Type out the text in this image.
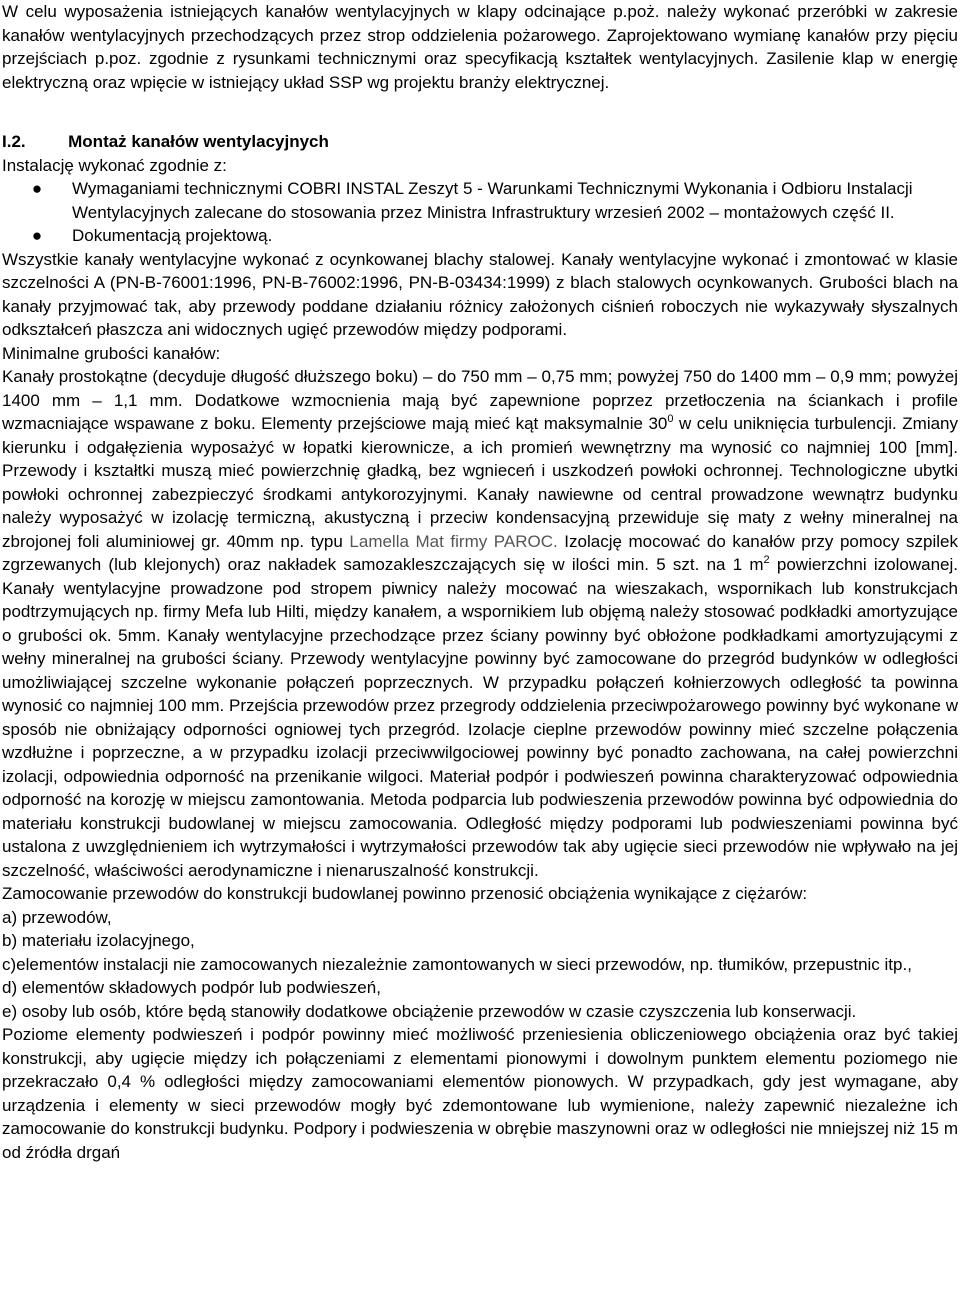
W celu wyposażenia istniejących kanałów wentylacyjnych w klapy odcinające p.poż. należy wykonać przeróbki w zakresie kanałów wentylacyjnych przechodzących przez strop oddzielenia pożarowego. Zaprojektowano wymianę kanałów przy pięciu przejściach p.poz. zgodnie z rysunkami technicznymi oraz specyfikacją kształtek wentylacyjnych. Zasilenie klap w energię elektryczną oraz wpięcie w istniejący układ SSP wg projektu branży elektrycznej.

I.2.	Montaż kanałów wentylacyjnych

Instalację wykonać zgodnie z:

●	Wymaganiami technicznymi COBRI INSTAL Zeszyt 5 - Warunkami Technicznymi Wykonania i Odbioru Instalacji Wentylacyjnych zalecane do stosowania przez Ministra Infrastruktury wrzesień 2002 – montażowych część II.
●	Dokumentacją projektową.

Wszystkie kanały wentylacyjne wykonać z ocynkowanej blachy stalowej. Kanały wentylacyjne wykonać i zmontować w klasie szczelności A (PN-B-76001:1996, PN-B-76002:1996, PN-B-03434:1999) z blach stalowych ocynkowanych. Grubości blach na kanały przyjmować tak, aby przewody poddane działaniu różnicy założonych ciśnień roboczych nie wykazywały słyszalnych odkształceń płaszcza ani widocznych ugięć przewodów między podporami.

Minimalne grubości kanałów:

Kanały prostokątne (decyduje długość dłuższego boku) – do 750 mm – 0,75 mm; powyżej 750 do 1400 mm – 0,9 mm; powyżej 1400 mm – 1,1 mm. Dodatkowe wzmocnienia mają być zapewnione poprzez przetłoczenia na ściankach i profile wzmacniające wspawane z boku. Elementy przejściowe mają mieć kąt maksymalnie $30^0$ w celu uniknięcia turbulencji. Zmiany kierunku i odgałęzienia wyposażyć w łopatki kierownicze, a ich promień wewnętrzny ma wynosić co najmniej 100 [mm]. Przewody i kształtki muszą mieć powierzchnię gładką, bez wgnieceń i uszkodzeń powłoki ochronnej. Technologiczne ubytki powłoki ochronnej zabezpieczyć środkami antykorozyjnymi. Kanały nawiewne od central prowadzone wewnątrz budynku należy wyposażyć w izolację termiczną, akustyczną i przeciw kondensacyjną przewiduje się maty z wełny mineralnej na zbrojonej foli aluminiowej gr. 40mm np. typu Lamella Mat firmy PAROC. Izolację mocować do kanałów przy pomocy szpilek zgrzewanych (lub klejonych) oraz nakładek samozakleszczających się w ilości min. 5 szt. na 1 $m^2$ powierzchni izolowanej. Kanały wentylacyjne prowadzone pod stropem piwnicy należy mocować na wieszakach, wspornikach lub konstrukcjach podtrzymujących np. firmy Mefa lub Hilti, między kanałem, a wspornikiem lub objęmą należy stosować podkładki amortyzujące o grubości ok. 5mm. Kanały wentylacyjne przechodzące przez ściany powinny być obłożone podkładkami amortyzującymi z wełny mineralnej na grubości ściany. Przewody wentylacyjne powinny być zamocowane do przegród budynków w odległości umożliwiającej szczelne wykonanie połączeń poprzecznych. W przypadku połączeń kołnierzowych odległość ta powinna wynosić co najmniej 100 mm. Przejścia przewodów przez przegrody oddzielenia przeciwpożarowego powinny być wykonane w sposób nie obniżający odporności ogniowej tych przegród. Izolacje cieplne przewodów powinny mieć szczelne połączenia wzdłużne i poprzeczne, a w przypadku izolacji przeciwwilgociowej powinny być ponadto zachowana, na całej powierzchni izolacji, odpowiednia odporność na przenikanie wilgoci. Materiał podpór i podwieszeń powinna charakteryzować odpowiednia odporność na korozję w miejscu zamontowania. Metoda podparcia lub podwieszenia przewodów powinna być odpowiednia do materiału konstrukcji budowlanej w miejscu zamocowania. Odległość między podporami lub podwieszeniami powinna być ustalona z uwzględnieniem ich wytrzymałości i wytrzymałości przewodów tak aby ugięcie sieci przewodów nie wpływało na jej szczelność, właściwości aerodynamiczne i nienaruszalność konstrukcji.

Zamocowanie przewodów do konstrukcji budowlanej powinno przenosić obciążenia wynikające z ciężarów:

a) przewodów,

b) materiału izolacyjnego,

c)elementów instalacji nie zamocowanych niezależnie zamontowanych w sieci przewodów, np. tłumików, przepustnic itp.,

d) elementów składowych podpór lub podwieszeń,

e) osoby lub osób, które będą stanowiły dodatkowe obciążenie przewodów w czasie czyszczenia lub konserwacji.

Poziome elementy podwieszeń i podpór powinny mieć możliwość przeniesienia obliczeniowego obciążenia oraz być takiej konstrukcji, aby ugięcie między ich połączeniami z elementami pionowymi i dowolnym punktem elementu poziomego nie przekraczało 0,4 % odległości między zamocowaniami elementów pionowych. W przypadkach, gdy jest wymagane, aby urządzenia i elementy w sieci przewodów mogły być zdemontowane lub wymienione, należy zapewnić niezależne ich zamocowanie do konstrukcji budynku. Podpory i podwieszenia w obrębie maszynowni oraz w odległości nie mniejszej niż 15 m od źródła drgań
